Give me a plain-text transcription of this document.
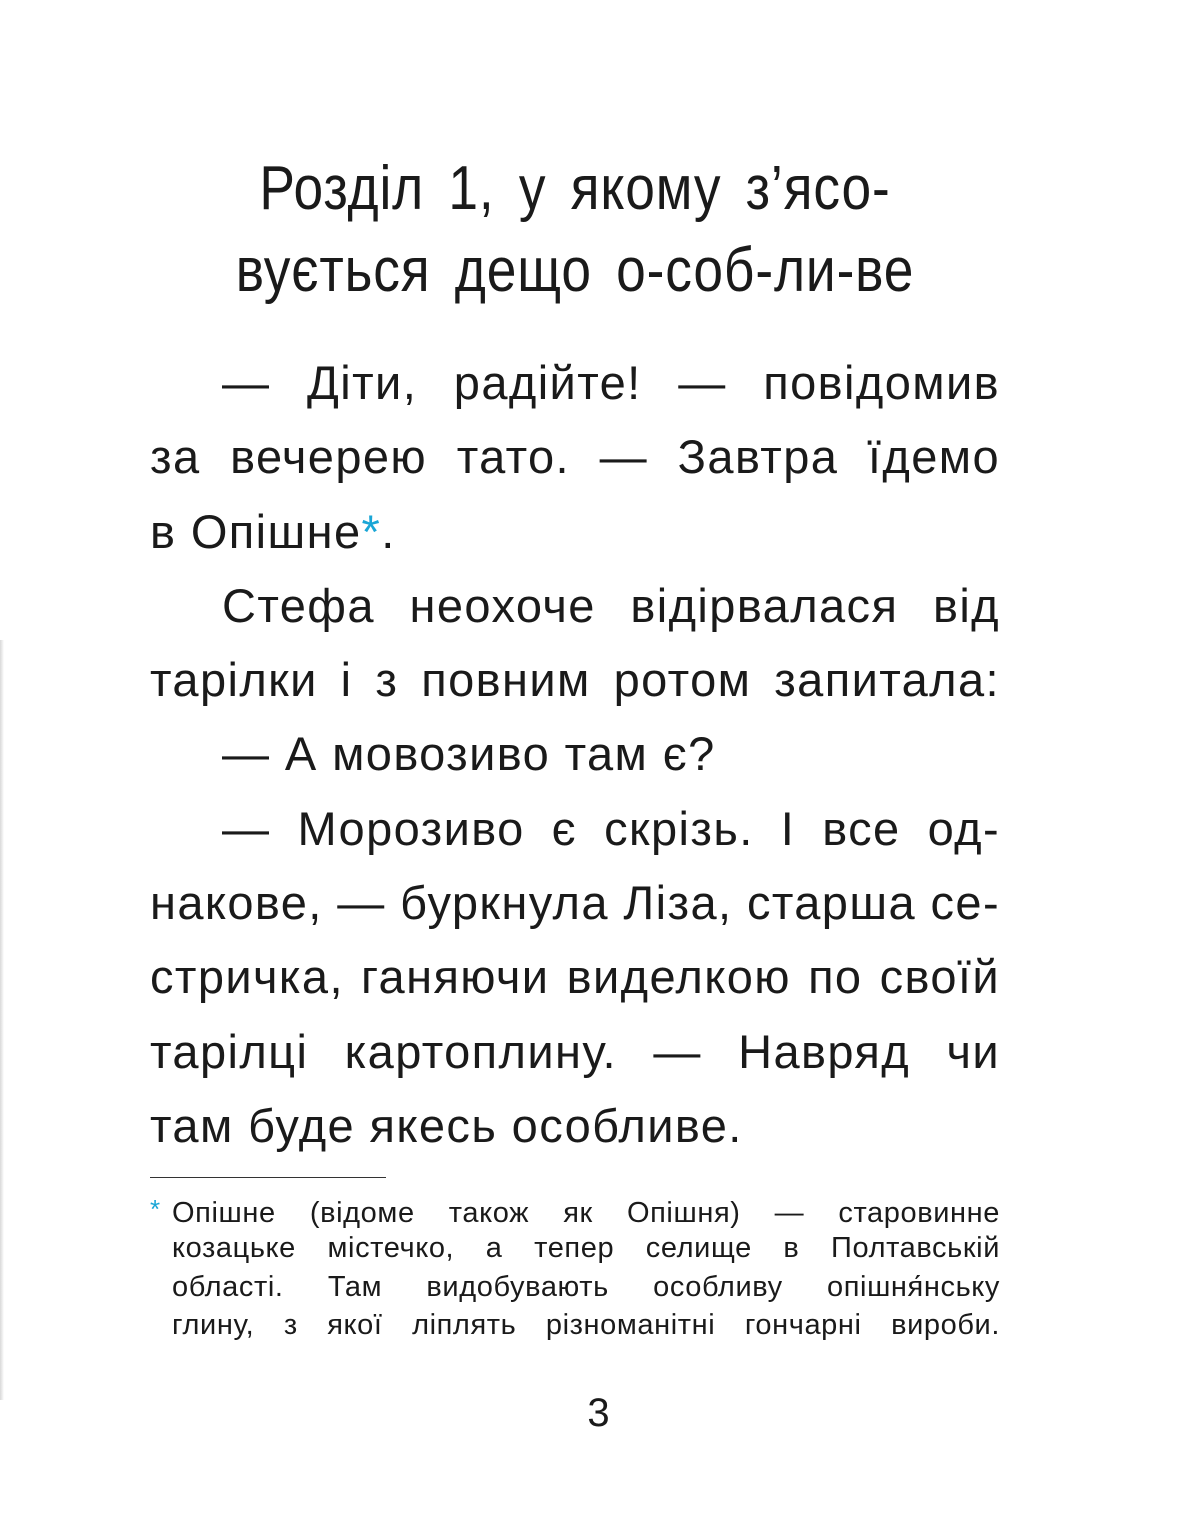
Розділ 1, у якому з’ясо-
вується дещо о-соб-ли-ве
— Діти, радійте! — повідомив
за вечерею тато. — Завтра їдемо
в Опішне*.
Стефа неохоче відірвалася від
тарілки і з повним ротом запитала:
— А мовозиво там є?
— Морозиво є скрізь. І все од-
накове, — буркнула Ліза, старша се-
стричка, ганяючи виделкою по своїй
тарілці картоплину. — Навряд чи
там буде якесь особливе.
* Опішне (відоме також як Опішня) — старовинне
козацьке містечко, а тепер селище в Полтавській
області. Там видобувають особливу опішня́нську
глину, з якої ліплять різноманітні гончарні вироби.
3
